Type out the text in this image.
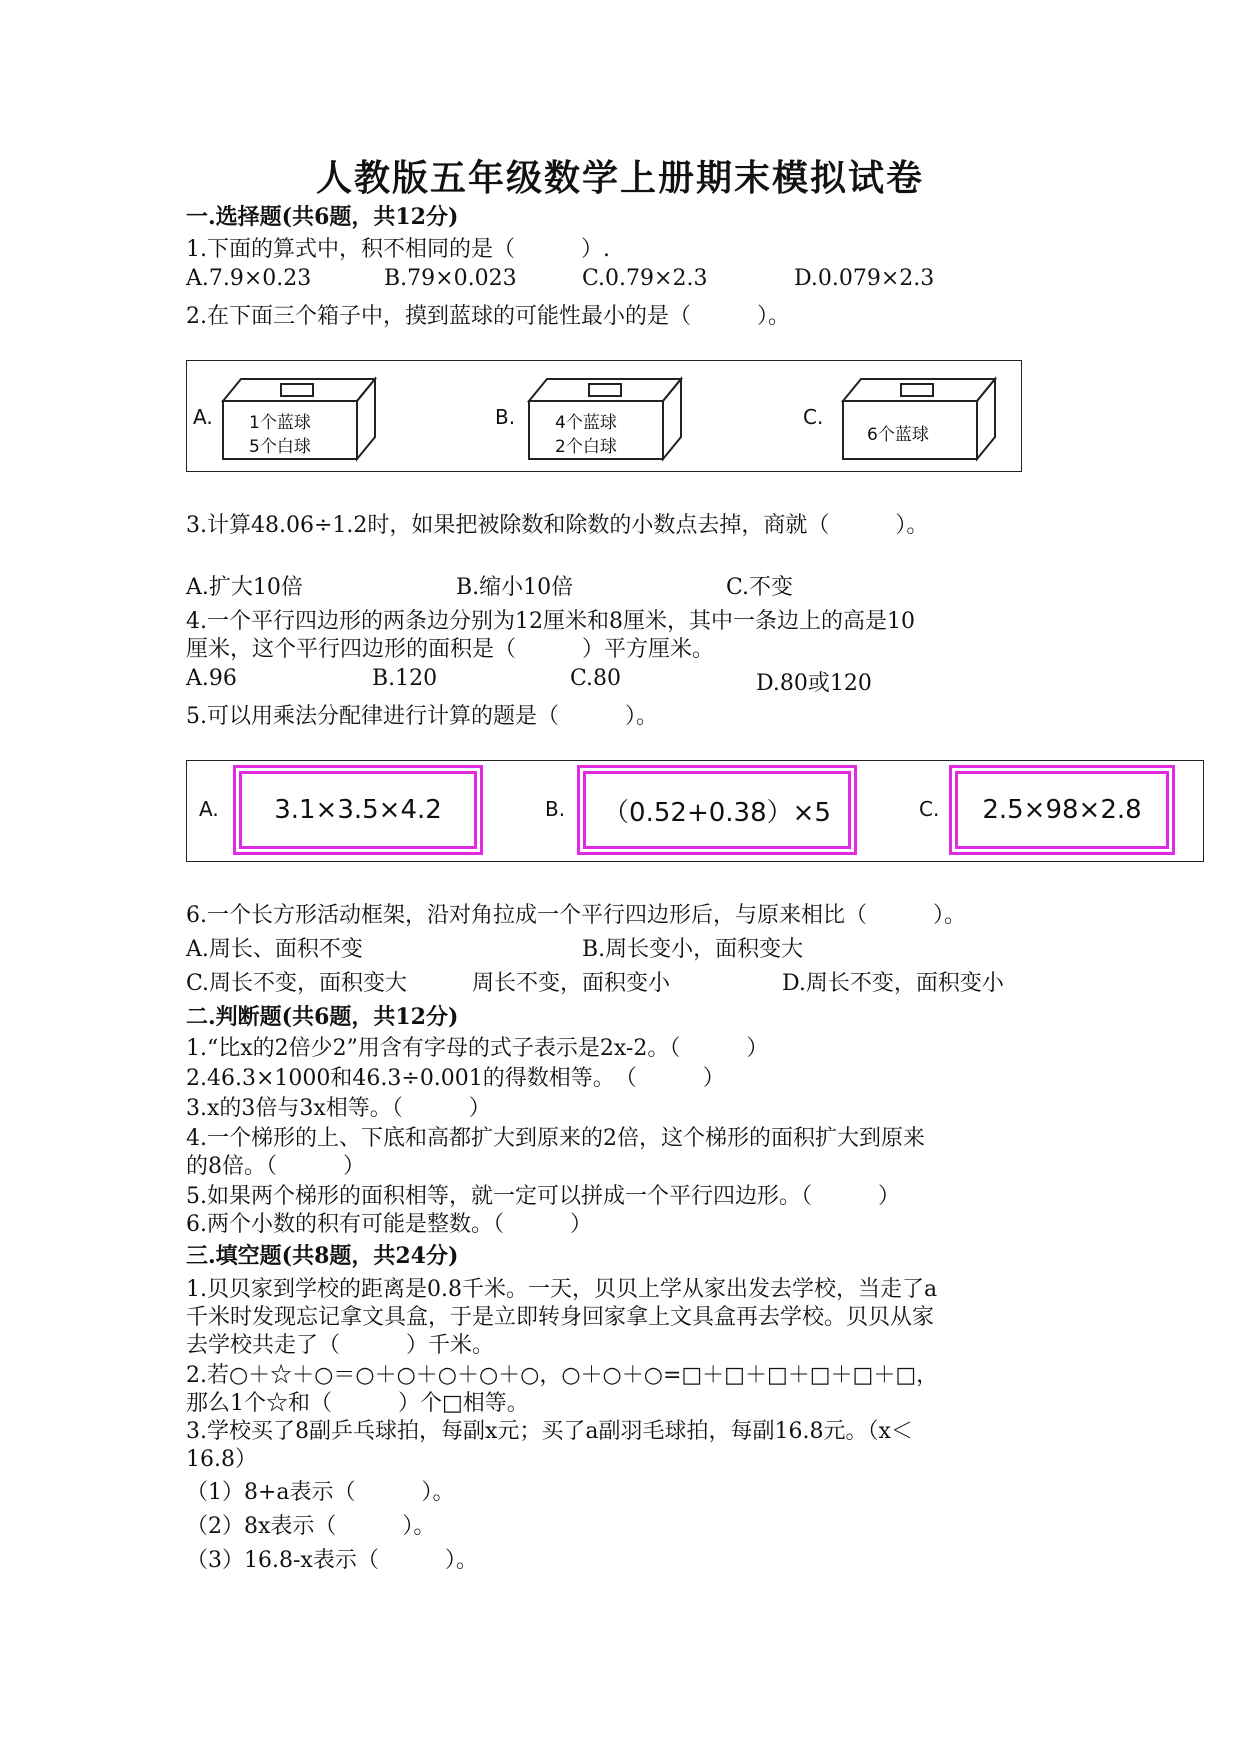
人教版五年级数学上册期末模拟试卷
一.选择题(共6题，共12分)
1.下面的算式中，积不相同的是（　　　）.
A.7.9×0.23	B.79×0.023	C.0.79×2.3	D.0.079×2.3
2.在下面三个箱子中，摸到蓝球的可能性最小的是（　　　）。
A. 1个蓝球
5个白球
B. 4个蓝球
2个白球
C.
6个蓝球
3.计算48.06÷1.2时，如果把被除数和除数的小数点去掉，商就（　　　）。
A.扩大10倍	B.缩小10倍	C.不变
4.一个平行四边形的两条边分别为12厘米和8厘米，其中一条边上的高是10
厘米，这个平行四边形的面积是（　　　）平方厘米。
A.96	B.120	C.80	D.80或120
5.可以用乘法分配律进行计算的题是（　　　）。
A.	3.1×3.5×4.2	B.	（0.52+0.38）×5	C.	2.5×98×2.8
6.一个长方形活动框架，沿对角拉成一个平行四边形后，与原来相比（　　　）。
A.周长、面积不变	B.周长变小，面积变大
C.周长不变，面积变大	周长不变，面积变小	D.周长不变，面积变小
二.判断题(共6题，共12分)
1.“比x的2倍少2”用含有字母的式子表示是2x-2。（　　　）
2.46.3×1000和46.3÷0.001的得数相等。　（　　　）
3.x的3倍与3x相等。（　　　）
4.一个梯形的上、下底和高都扩大到原来的2倍，这个梯形的面积扩大到原来
的8倍。（　　　）
5.如果两个梯形的面积相等，就一定可以拼成一个平行四边形。（　　　）
6.两个小数的积有可能是整数。（　　　）
三.填空题(共8题，共24分)
1.贝贝家到学校的距离是0.8千米。一天，贝贝上学从家出发去学校，当走了a
千米时发现忘记拿文具盒，于是立即转身回家拿上文具盒再去学校。贝贝从家
去学校共走了（　　　）千米。
2.若○＋☆＋○＝○＋○＋○＋○＋○，○＋○＋○=□＋□＋□＋□＋□＋□，
那么1个☆和（　　　）个□相等。
3.学校买了8副乒乓球拍，每副x元；买了a副羽毛球拍，每副16.8元。（x＜
16.8）
（1）8+a表示（　　　）。
（2）8x表示（　　　）。
（3）16.8-x表示（　　　）。
